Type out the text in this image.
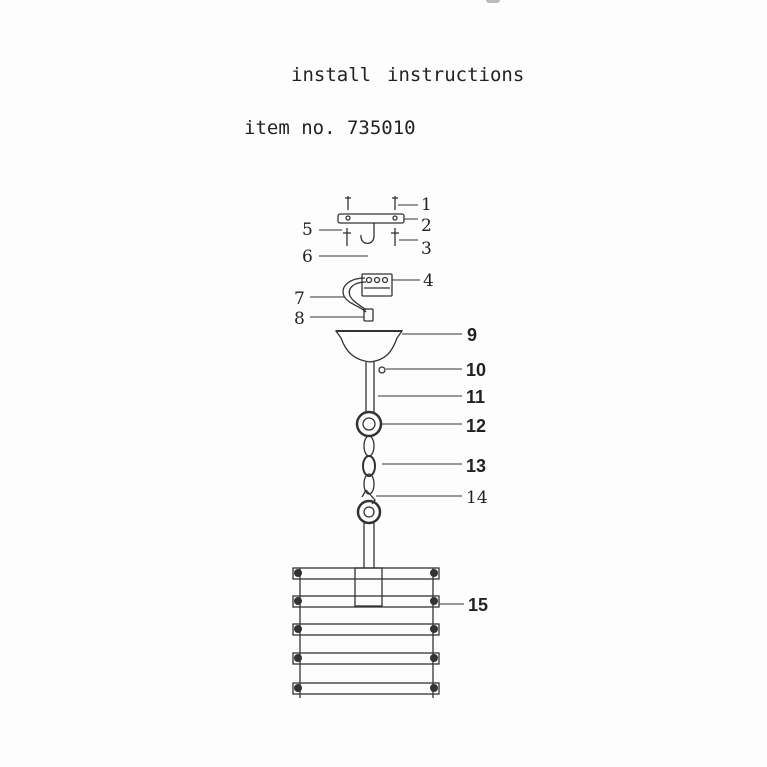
install instructions
item no. 735010
1
2
3
4
5
6
7
8
9
10
11
12
13
14
15
